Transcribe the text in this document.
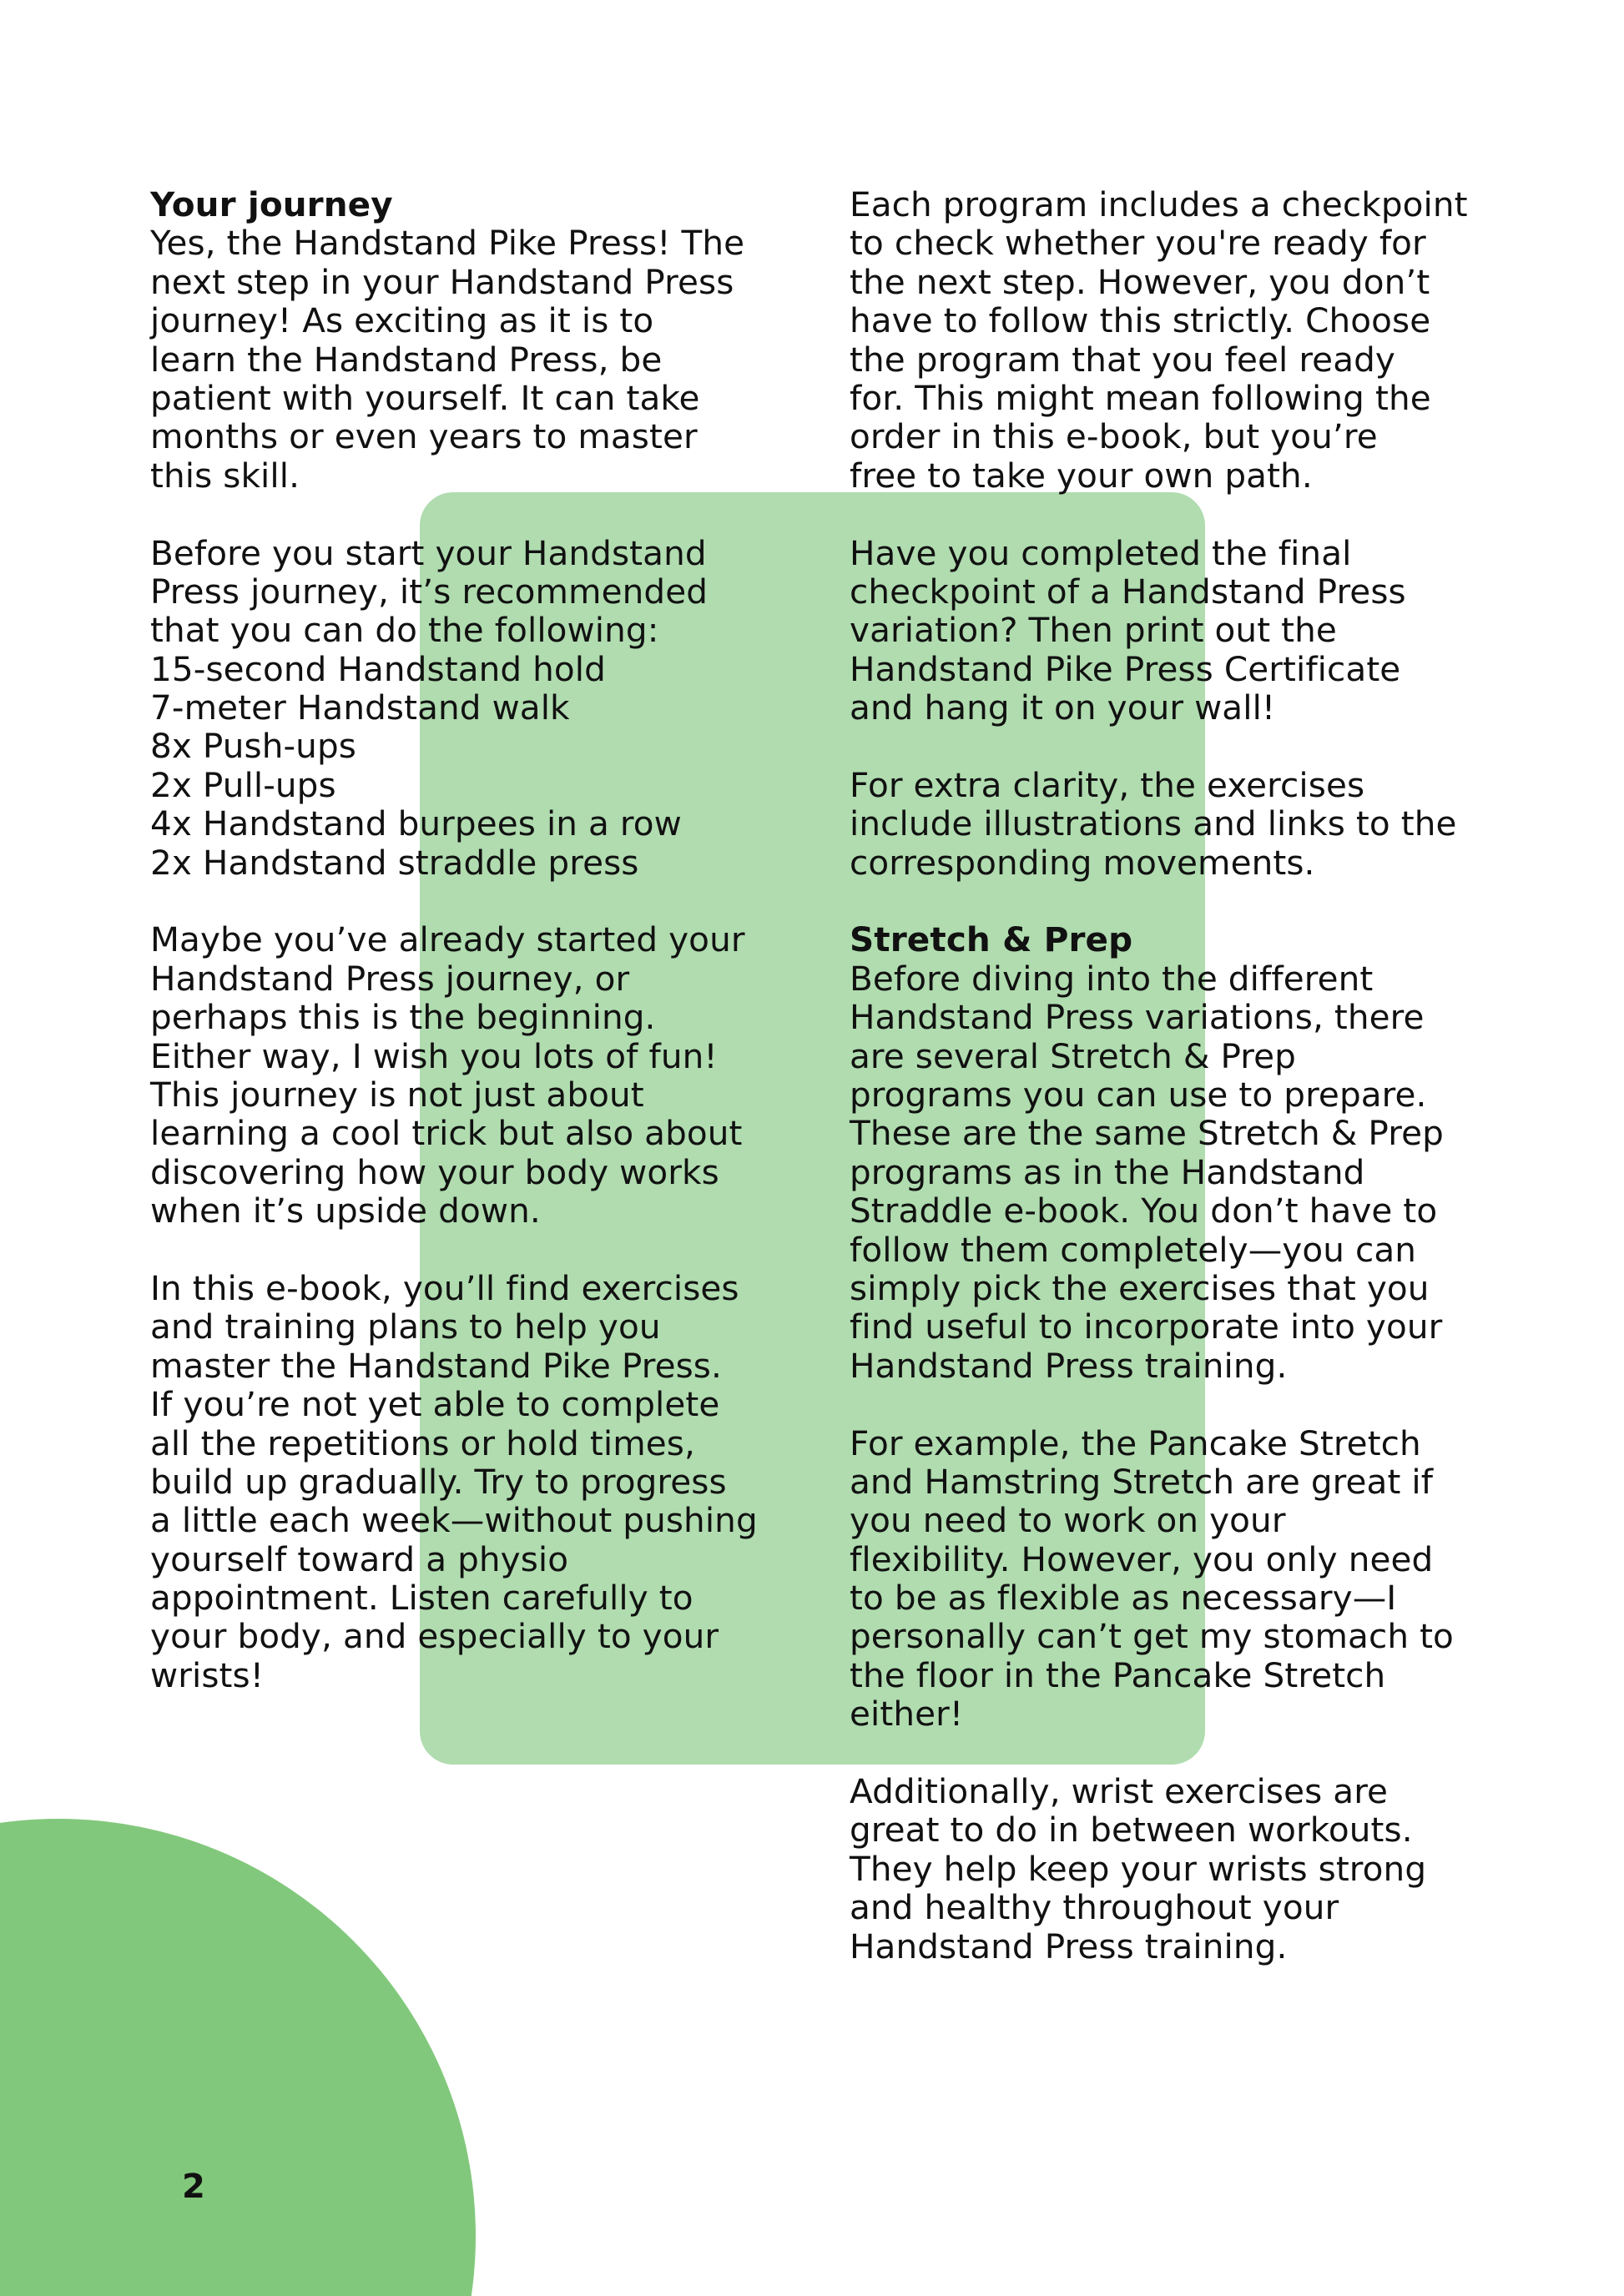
Your journey
Yes, the Handstand Pike Press! The
next step in your Handstand Press
journey! As exciting as it is to
learn the Handstand Press, be
patient with yourself. It can take
months or even years to master
this skill.
Before you start your Handstand
Press journey, it’s recommended
that you can do the following:
15-second Handstand hold
7-meter Handstand walk
8x Push-ups
2x Pull-ups
4x Handstand burpees in a row
2x Handstand straddle press
Maybe you’ve already started your
Handstand Press journey, or
perhaps this is the beginning.
Either way, I wish you lots of fun!
This journey is not just about
learning a cool trick but also about
discovering how your body works
when it’s upside down.
In this e-book, you’ll find exercises
and training plans to help you
master the Handstand Pike Press.
If you’re not yet able to complete
all the repetitions or hold times,
build up gradually. Try to progress
a little each week—without pushing
yourself toward a physio
appointment. Listen carefully to
your body, and especially to your
wrists!
Each program includes a checkpoint
to check whether you're ready for
the next step. However, you don’t
have to follow this strictly. Choose
the program that you feel ready
for. This might mean following the
order in this e-book, but you’re
free to take your own path.
Have you completed the final
checkpoint of a Handstand Press
variation? Then print out the
Handstand Pike Press Certificate
and hang it on your wall!
For extra clarity, the exercises
include illustrations and links to the
corresponding movements.
Stretch & Prep
Before diving into the different
Handstand Press variations, there
are several Stretch & Prep
programs you can use to prepare.
These are the same Stretch & Prep
programs as in the Handstand
Straddle e-book. You don’t have to
follow them completely—you can
simply pick the exercises that you
find useful to incorporate into your
Handstand Press training.
For example, the Pancake Stretch
and Hamstring Stretch are great if
you need to work on your
flexibility. However, you only need
to be as flexible as necessary—I
personally can’t get my stomach to
the floor in the Pancake Stretch
either!
Additionally, wrist exercises are
great to do in between workouts.
They help keep your wrists strong
and healthy throughout your
Handstand Press training.
2
